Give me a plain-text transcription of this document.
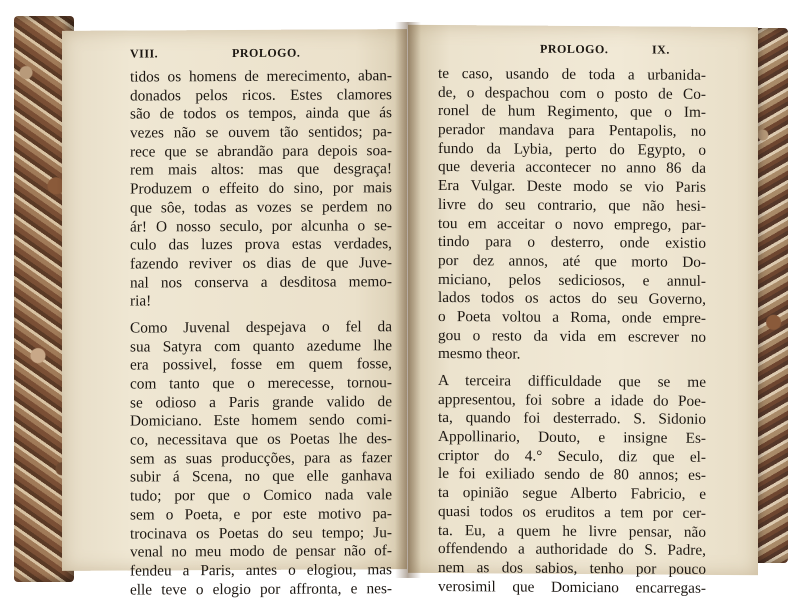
VIII.	PROLOGO.
tidos os homens de merecimento, aban-
donados pelos ricos. Estes clamores
são de todos os tempos, ainda que ás
vezes não se ouvem tão sentidos; pa-
rece que se abrandão para depois soa-
rem mais altos: mas que desgraça!
Produzem o effeito do sino, por mais
que sôe, todas as vozes se perdem no
ár! O nosso seculo, por alcunha o se-
culo das luzes prova estas verdades,
fazendo reviver os dias de que Juve-
nal nos conserva a desditosa memo-
ria!
Como Juvenal despejava o fel da
sua Satyra com quanto azedume lhe
era possivel, fosse em quem fosse,
com tanto que o merecesse, tornou-
se odioso a Paris grande valido de
Domiciano. Este homem sendo comi-
co, necessitava que os Poetas lhe des-
sem as suas producções, para as fazer
subir á Scena, no que elle ganhava
tudo; por que o Comico nada vale
sem o Poeta, e por este motivo pa-
trocinava os Poetas do seu tempo; Ju-
venal no meu modo de pensar não of-
fendeu a Paris, antes o elogiou, mas
elle teve o elogio por affronta, e nes-
PROLOGO.	IX.
te caso, usando de toda a urbanida-
de, o despachou com o posto de Co-
ronel de hum Regimento, que o Im-
perador mandava para Pentapolis, no
fundo da Lybia, perto do Egypto, o
que deveria accontecer no anno 86 da
Era Vulgar. Deste modo se vio Paris
livre do seu contrario, que não hesi-
tou em acceitar o novo emprego, par-
tindo para o desterro, onde existio
por dez annos, até que morto Do-
miciano, pelos sediciosos, e annul-
lados todos os actos do seu Governo,
o Poeta voltou a Roma, onde empre-
gou o resto da vida em escrever no
mesmo theor.
A terceira difficuldade que se me
appresentou, foi sobre a idade do Poe-
ta, quando foi desterrado. S. Sidonio
Appollinario, Douto, e insigne Es-
criptor do 4.° Seculo, diz que el-
le foi exiliado sendo de 80 annos; es-
ta opinião segue Alberto Fabricio, e
quasi todos os eruditos a tem por cer-
ta. Eu, a quem he livre pensar, não
offendendo a authoridade do S. Padre,
nem as dos sabios, tenho por pouco
verosimil que Domiciano encarregas-
